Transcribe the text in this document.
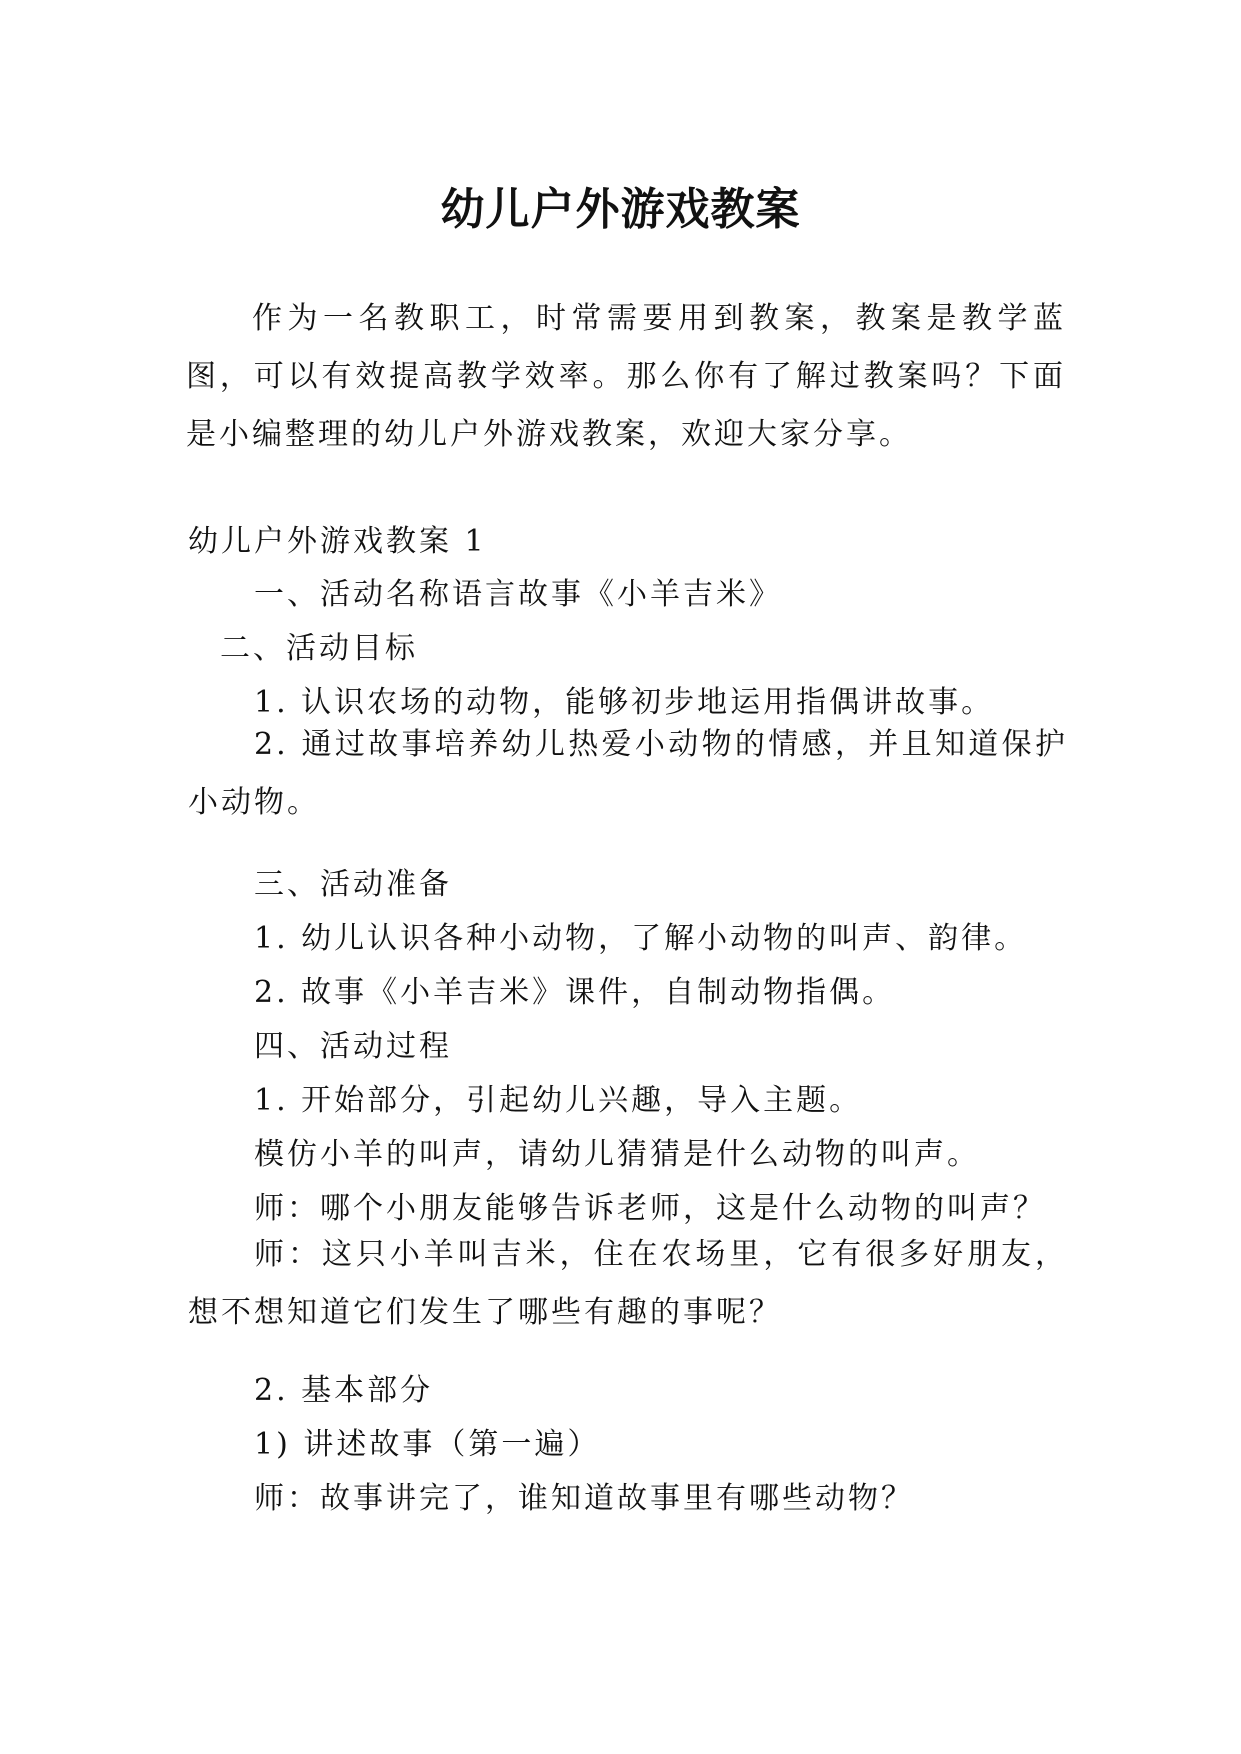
幼儿户外游戏教案

作为一名教职工，时常需要用到教案，教案是教学蓝图，可以有效提高教学效率。那么你有了解过教案吗？下面是小编整理的幼儿户外游戏教案，欢迎大家分享。

幼儿户外游戏教案 1

一、活动名称语言故事《小羊吉米》

二、活动目标

1. 认识农场的动物，能够初步地运用指偶讲故事。

2. 通过故事培养幼儿热爱小动物的情感，并且知道保护小动物。

三、活动准备

1. 幼儿认识各种小动物，了解小动物的叫声、韵律。

2. 故事《小羊吉米》课件，自制动物指偶。

四、活动过程

1. 开始部分，引起幼儿兴趣，导入主题。

模仿小羊的叫声，请幼儿猜猜是什么动物的叫声。

师：哪个小朋友能够告诉老师，这是什么动物的叫声？

师：这只小羊叫吉米，住在农场里，它有很多好朋友，想不想知道它们发生了哪些有趣的事呢？

2. 基本部分

1) 讲述故事（第一遍）

师：故事讲完了，谁知道故事里有哪些动物？
